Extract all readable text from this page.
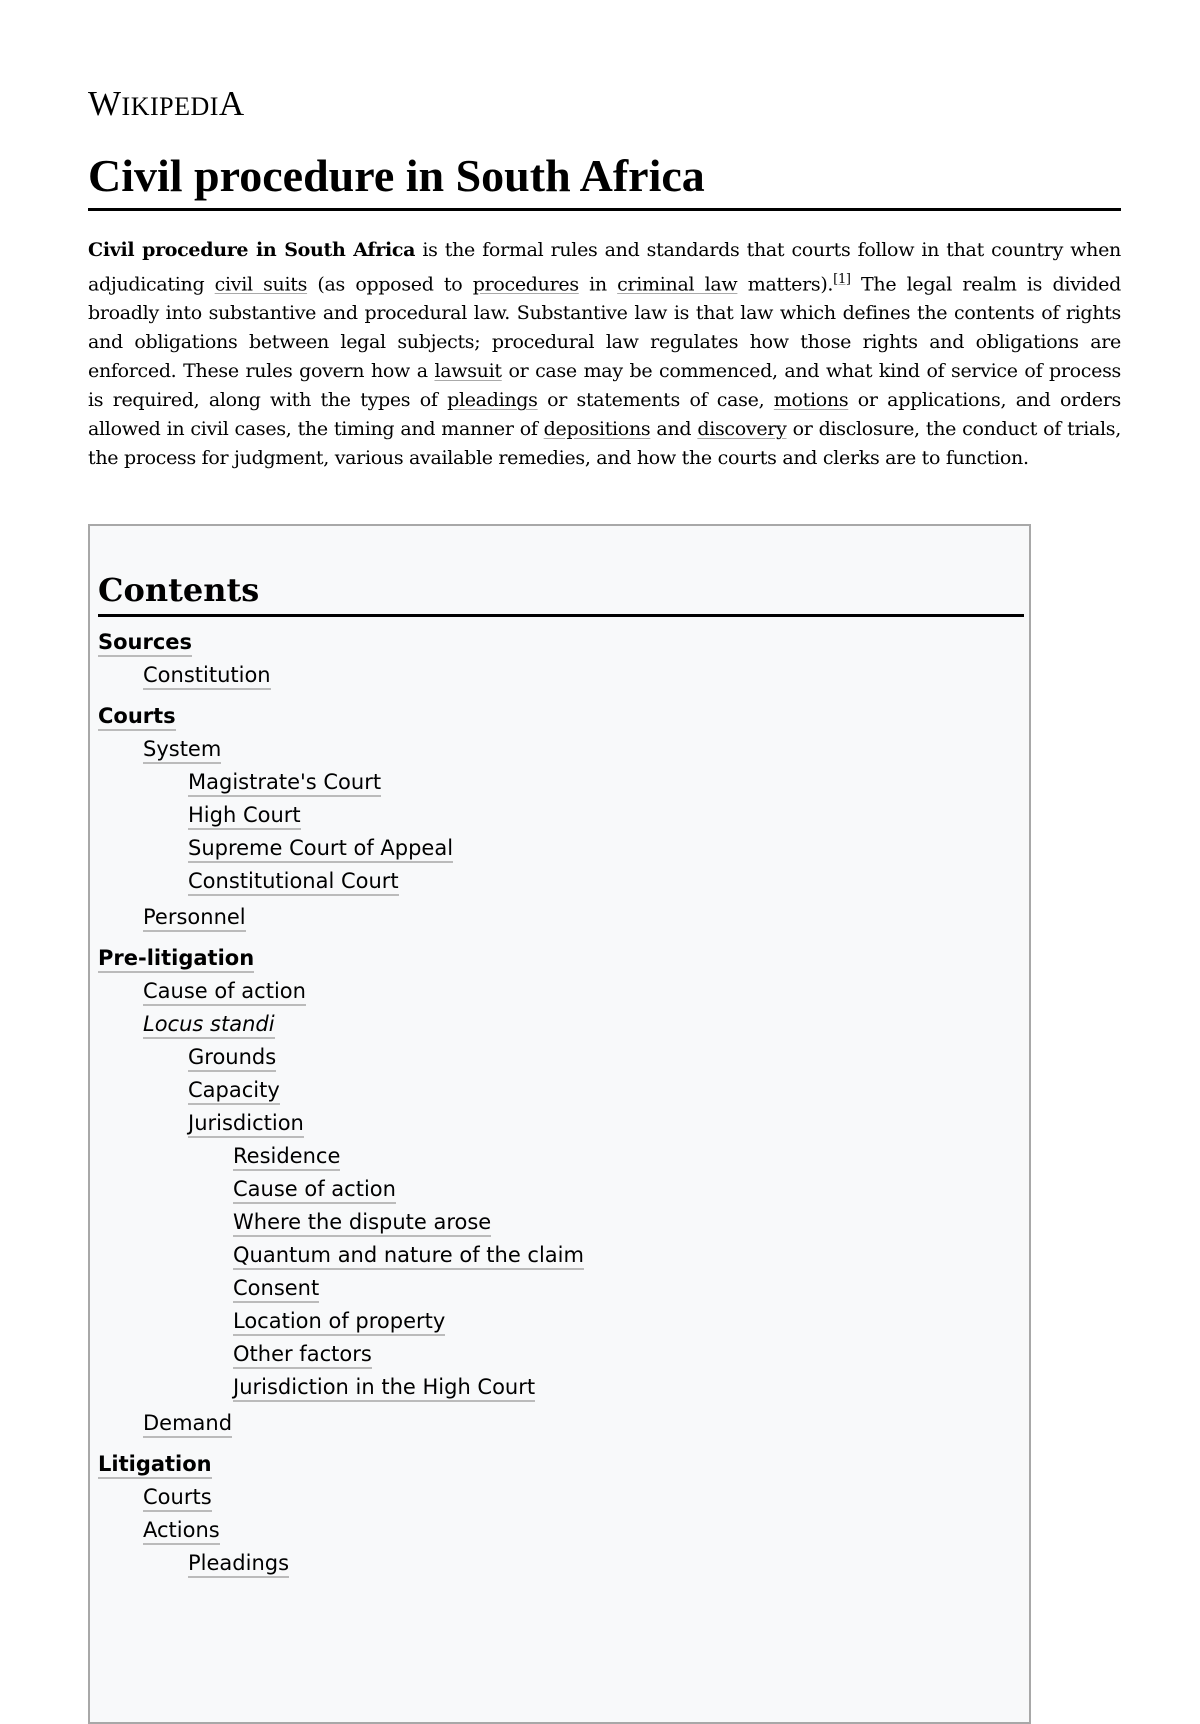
WIKIPEDIA
Civil procedure in South Africa

Civil procedure in South Africa is the formal rules and standards that courts follow in that country when adjudicating civil suits (as opposed to procedures in criminal law matters).[1] The legal realm is divided broadly into substantive and procedural law. Substantive law is that law which defines the contents of rights and obligations between legal subjects; procedural law regulates how those rights and obligations are enforced. These rules govern how a lawsuit or case may be commenced, and what kind of service of process is required, along with the types of pleadings or statements of case, motions or applications, and orders allowed in civil cases, the timing and manner of depositions and discovery or disclosure, the conduct of trials, the process for judgment, various available remedies, and how the courts and clerks are to function.

Contents
Sources
Constitution
Courts
System
Magistrate's Court
High Court
Supreme Court of Appeal
Constitutional Court
Personnel
Pre-litigation
Cause of action
Locus standi
Grounds
Capacity
Jurisdiction
Residence
Cause of action
Where the dispute arose
Quantum and nature of the claim
Consent
Location of property
Other factors
Jurisdiction in the High Court
Demand
Litigation
Courts
Actions
Pleadings
